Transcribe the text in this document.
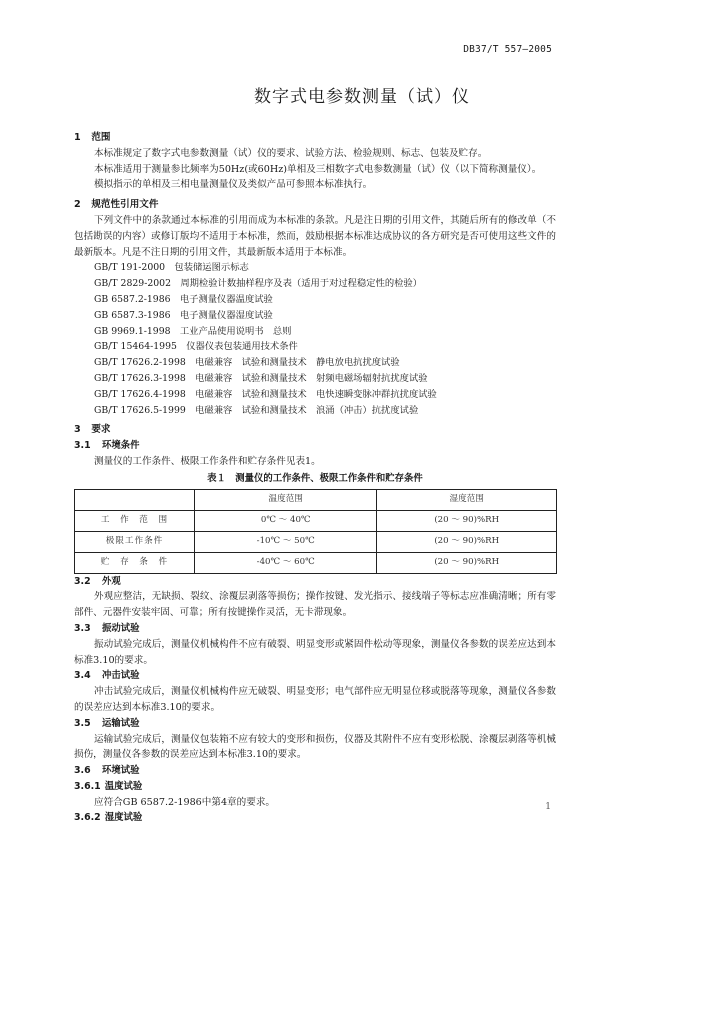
DB37/T 557—2005
数字式电参数测量（试）仪
1 范围
本标准规定了数字式电参数测量（试）仪的要求、试验方法、检验规则、标志、包装及贮存。
本标准适用于测量参比频率为50Hz(或60Hz)单相及三相数字式电参数测量（试）仪（以下简称测量仪）。
模拟指示的单相及三相电量测量仪及类似产品可参照本标准执行。
2 规范性引用文件
下列文件中的条款通过本标准的引用而成为本标准的条款。凡是注日期的引用文件，其随后所有的修改单（不包括勘误的内容）或修订版均不适用于本标准，然而，鼓励根据本标准达成协议的各方研究是否可使用这些文件的最新版本。凡是不注日期的引用文件，其最新版本适用于本标准。
GB/T 191-2000　 包装储运图示标志
GB/T 2829-2002　 周期检验计数抽样程序及表（适用于对过程稳定性的检验）
GB 6587.2-1986　 电子测量仪器温度试验
GB 6587.3-1986　 电子测量仪器湿度试验
GB 9969.1-1998　 工业产品使用说明书　总则
GB/T 15464-1995　 仪器仪表包装通用技术条件
GB/T 17626.2-1998　 电磁兼容　试验和测量技术　静电放电抗扰度试验
GB/T 17626.3-1998　 电磁兼容　试验和测量技术　射频电磁场辐射抗扰度试验
GB/T 17626.4-1998　 电磁兼容　试验和测量技术　电快速瞬变脉冲群抗扰度试验
GB/T 17626.5-1999　 电磁兼容　试验和测量技术　浪涌（冲击）抗扰度试验
3 要求
3.1 环境条件
测量仪的工作条件、极限工作条件和贮存条件见表1。
表１　测量仪的工作条件、极限工作条件和贮存条件
	温度范围	湿度范围
工　作　范　围	0℃ ～ 40℃	(20 ～ 90)%RH
极限工作条件	-10℃ ～ 50℃	(20 ～ 90)%RH
贮　存　条　件	-40℃ ～ 60℃	(20 ～ 90)%RH
3.2 外观
外观应整洁，无缺损、裂纹、涂覆层剥落等损伤；操作按键、发光指示、接线端子等标志应准确清晰；所有零部件、元器件安装牢固、可靠；所有按键操作灵活，无卡滞现象。
3.3 振动试验
振动试验完成后，测量仪机械构件不应有破裂、明显变形或紧固件松动等现象，测量仪各参数的误差应达到本标准3.10的要求。
3.4 冲击试验
冲击试验完成后，测量仪机械构件应无破裂、明显变形；电气部件应无明显位移或脱落等现象，测量仪各参数的误差应达到本标准3.10的要求。
3.5 运输试验
运输试验完成后，测量仪包装箱不应有较大的变形和损伤，仪器及其附件不应有变形松脱、涂覆层剥落等机械损伤，测量仪各参数的误差应达到本标准3.10的要求。
3.6 环境试验
3.6.1 温度试验
应符合GB 6587.2-1986中第4章的要求。
3.6.2 湿度试验
1
